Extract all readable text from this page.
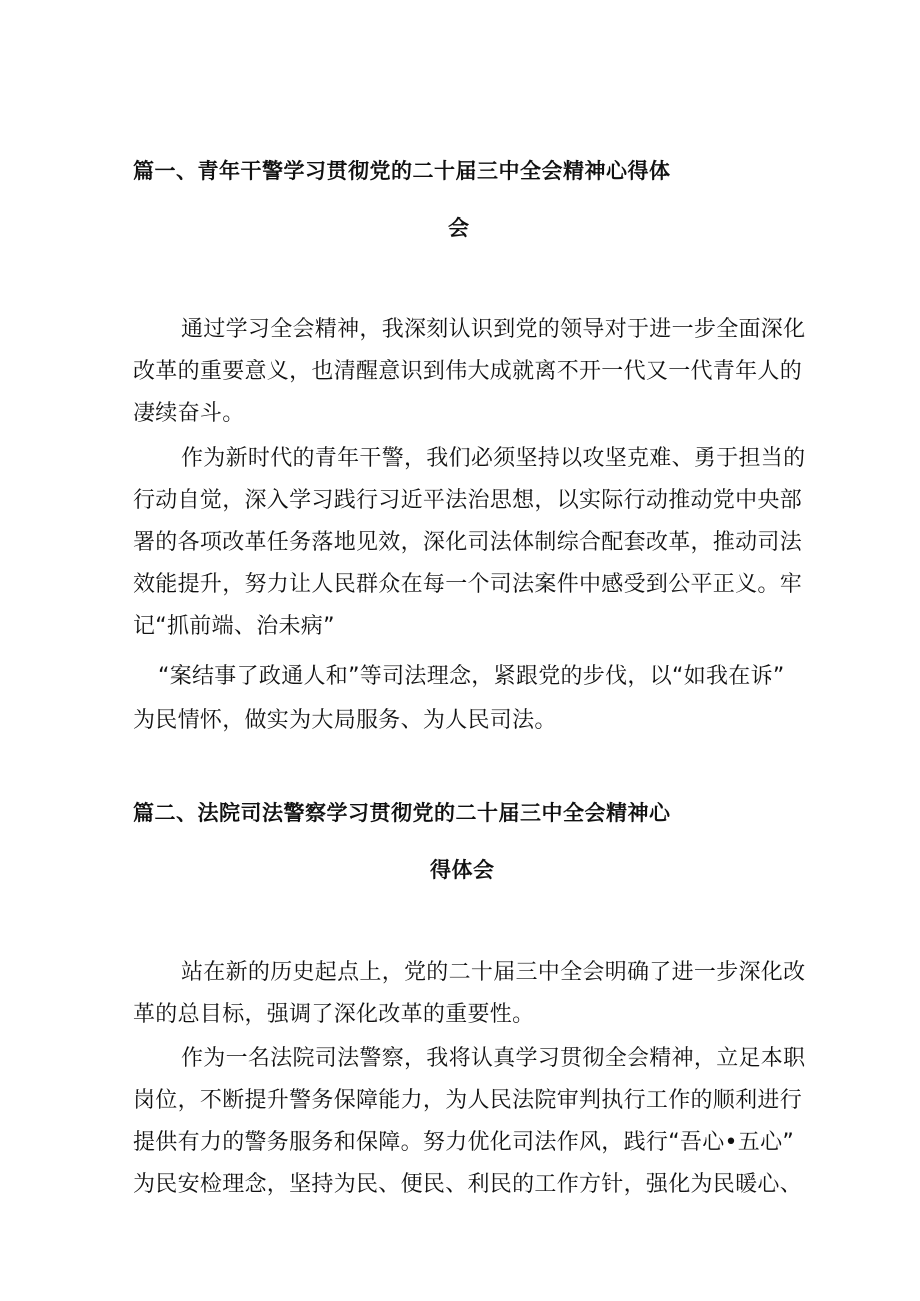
篇一、青年干警学习贯彻党的二十届三中全会精神心得体
会
通过学习全会精神，我深刻认识到党的领导对于进一步全面深化
改革的重要意义，也清醒意识到伟大成就离不开一代又一代青年人的
凄续奋斗。
作为新时代的青年干警，我们必须坚持以攻坚克难、勇于担当的
行动自觉，深入学习践行习近平法治思想，以实际行动推动党中央部
署的各项改革任务落地见效，深化司法体制综合配套改革，推动司法
效能提升，努力让人民群众在每一个司法案件中感受到公平正义。牢
记“抓前端、治未病”
“案结事了政通人和”等司法理念，紧跟党的步伐，以“如我在诉”
为民情怀，做实为大局服务、为人民司法。
篇二、法院司法警察学习贯彻党的二十届三中全会精神心
得体会
站在新的历史起点上，党的二十届三中全会明确了进一步深化改
革的总目标，强调了深化改革的重要性。
作为一名法院司法警察，我将认真学习贯彻全会精神，立足本职
岗位，不断提升警务保障能力，为人民法院审判执行工作的顺利进行
提供有力的警务服务和保障。努力优化司法作风，践行“吾心•五心”
为民安检理念，坚持为民、便民、利民的工作方针，强化为民暖心、
